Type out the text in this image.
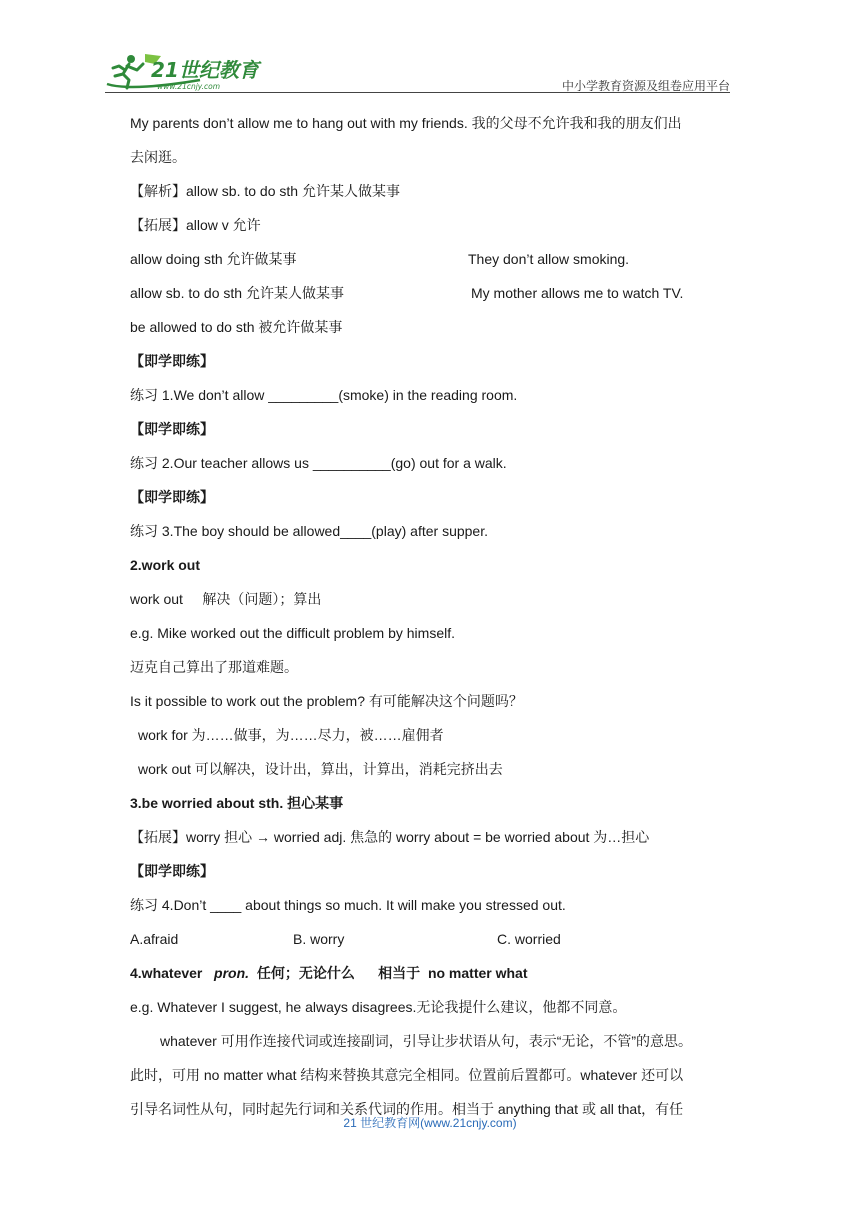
21世纪教育
www.21cnjy.com	中小学教育资源及组卷应用平台
My parents don’t allow me to hang out with my friends. 我的父母不允许我和我的朋友们出
去闲逛。
【解析】allow sb. to do sth 允许某人做某事
【拓展】allow v 允许
allow doing sth 允许做某事	They don’t allow smoking.
allow sb. to do sth 允许某人做某事	My mother allows me to watch TV.
be allowed to do sth 被允许做某事
【即学即练】
练习 1.We don’t allow _________(smoke) in the reading room.
【即学即练】
练习 2.Our teacher allows us __________(go) out for a walk.
【即学即练】
练习 3.The boy should be allowed____(play) after supper.
2.work out
work out     解决（问题）；算出
e.g. Mike worked out the difficult problem by himself.
迈克自己算出了那道难题。
Is it possible to work out the problem? 有可能解决这个问题吗？
work for 为……做事，为……尽力，被……雇佣者
work out 可以解决，设计出，算出，计算出，消耗完挤出去
3.be worried about sth. 担心某事
【拓展】worry 担心 → worried adj. 焦急的 worry about = be worried about 为…担心
【即学即练】
练习 4.Don’t ____ about things so much. It will make you stressed out.
A.afraid	B. worry	C. worried
4.whatever   pron.  任何；无论什么      相当于  no matter what
e.g. Whatever I suggest, he always disagrees.无论我提什么建议，他都不同意。
whatever 可用作连接代词或连接副词，引导让步状语从句，表示“无论，不管”的意思。
此时，可用 no matter what 结构来替换其意完全相同。位置前后置都可。whatever 还可以
引导名词性从句，同时起先行词和关系代词的作用。相当于 anything that 或 all that，有任
21 世纪教育网(www.21cnjy.com)
